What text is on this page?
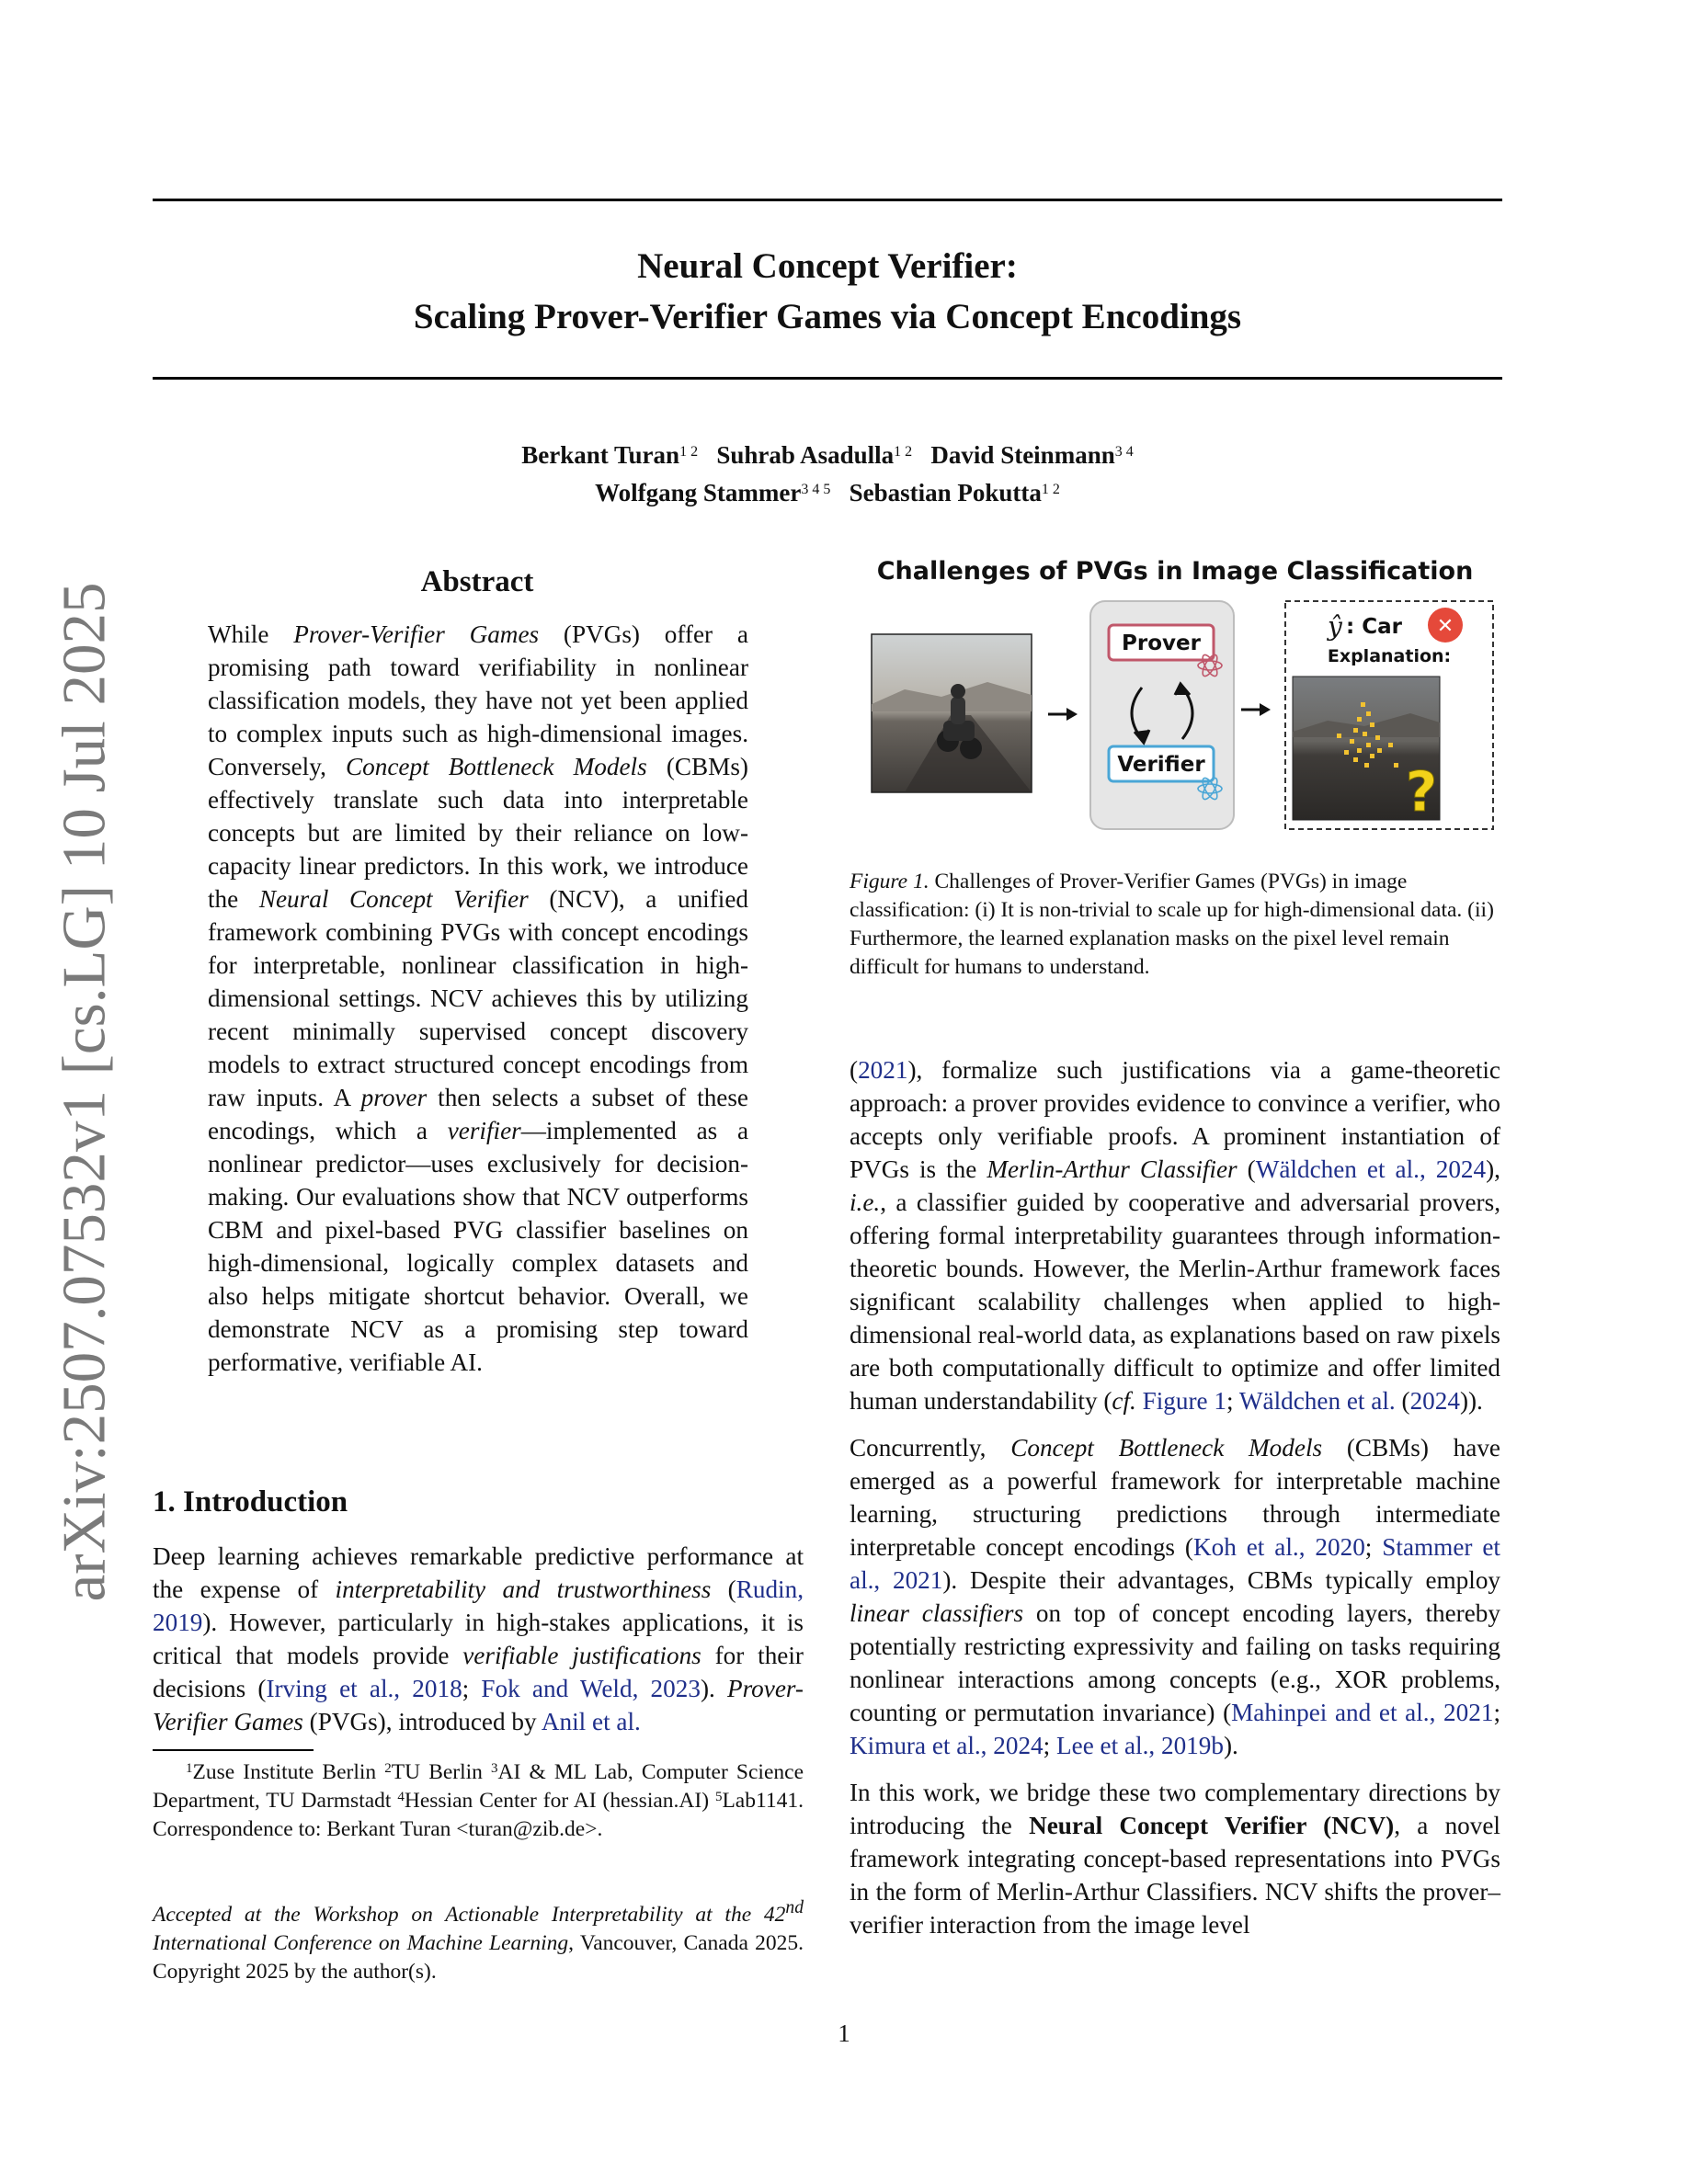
arXiv:2507.07532v1 [cs.LG] 10 Jul 2025
Neural Concept Verifier:
Scaling Prover-Verifier Games via Concept Encodings
Berkant Turan$^{1 2}$ Suhrab Asadulla$^{1 2}$ David Steinmann$^{3 4}$
Wolfgang Stammer$^{3 4 5}$ Sebastian Pokutta$^{1 2}$
Abstract
While Prover-Verifier Games (PVGs) offer a promising path toward verifiability in nonlinear classification models, they have not yet been applied to complex inputs such as high-dimensional images. Conversely, Concept Bottleneck Models (CBMs) effectively translate such data into interpretable concepts but are limited by their reliance on low-capacity linear predictors. In this work, we introduce the Neural Concept Verifier (NCV), a unified framework combining PVGs with concept encodings for interpretable, nonlinear classification in high-dimensional settings. NCV achieves this by utilizing recent minimally supervised concept discovery models to extract structured concept encodings from raw inputs. A prover then selects a subset of these encodings, which a verifier—implemented as a nonlinear predictor—uses exclusively for decision-making. Our evaluations show that NCV outperforms CBM and pixel-based PVG classifier baselines on high-dimensional, logically complex datasets and also helps mitigate shortcut behavior. Overall, we demonstrate NCV as a promising step toward performative, verifiable AI.
1. Introduction
Deep learning achieves remarkable predictive performance at the expense of interpretability and trustworthiness (Rudin, 2019). However, particularly in high-stakes applications, it is critical that models provide verifiable justifications for their decisions (Irving et al., 2018; Fok and Weld, 2023). Prover-Verifier Games (PVGs), introduced by Anil et al.

$^1$Zuse Institute Berlin $^2$TU Berlin $^3$AI & ML Lab, Computer Science Department, TU Darmstadt $^4$Hessian Center for AI (hessian.AI) $^5$Lab1141. Correspondence to: Berkant Turan <turan@zib.de>.

Accepted at the Workshop on Actionable Interpretability at the 42nd International Conference on Machine Learning, Vancouver, Canada 2025. Copyright 2025 by the author(s).
Challenges of PVGs in Image Classification
Prover
Verifier
ŷ : Car ✕
Explanation:
?
Figure 1. Challenges of Prover-Verifier Games (PVGs) in image classification: (i) It is non-trivial to scale up for high-dimensional data. (ii) Furthermore, the learned explanation masks on the pixel level remain difficult for humans to understand.

(2021), formalize such justifications via a game-theoretic approach: a prover provides evidence to convince a verifier, who accepts only verifiable proofs. A prominent instantiation of PVGs is the Merlin-Arthur Classifier (Wäldchen et al., 2024), i.e., a classifier guided by cooperative and adversarial provers, offering formal interpretability guarantees through information-theoretic bounds. However, the Merlin-Arthur framework faces significant scalability challenges when applied to high-dimensional real-world data, as explanations based on raw pixels are both computationally difficult to optimize and offer limited human understandability (cf. Figure 1; Wäldchen et al. (2024)).

Concurrently, Concept Bottleneck Models (CBMs) have emerged as a powerful framework for interpretable machine learning, structuring predictions through intermediate interpretable concept encodings (Koh et al., 2020; Stammer et al., 2021). Despite their advantages, CBMs typically employ linear classifiers on top of concept encoding layers, thereby potentially restricting expressivity and failing on tasks requiring nonlinear interactions among concepts (e.g., XOR problems, counting or permutation invariance) (Mahinpei and et al., 2021; Kimura et al., 2024; Lee et al., 2019b).

In this work, we bridge these two complementary directions by introducing the Neural Concept Verifier (NCV), a novel framework integrating concept-based representations into PVGs in the form of Merlin-Arthur Classifiers. NCV shifts the prover–verifier interaction from the image level

1
